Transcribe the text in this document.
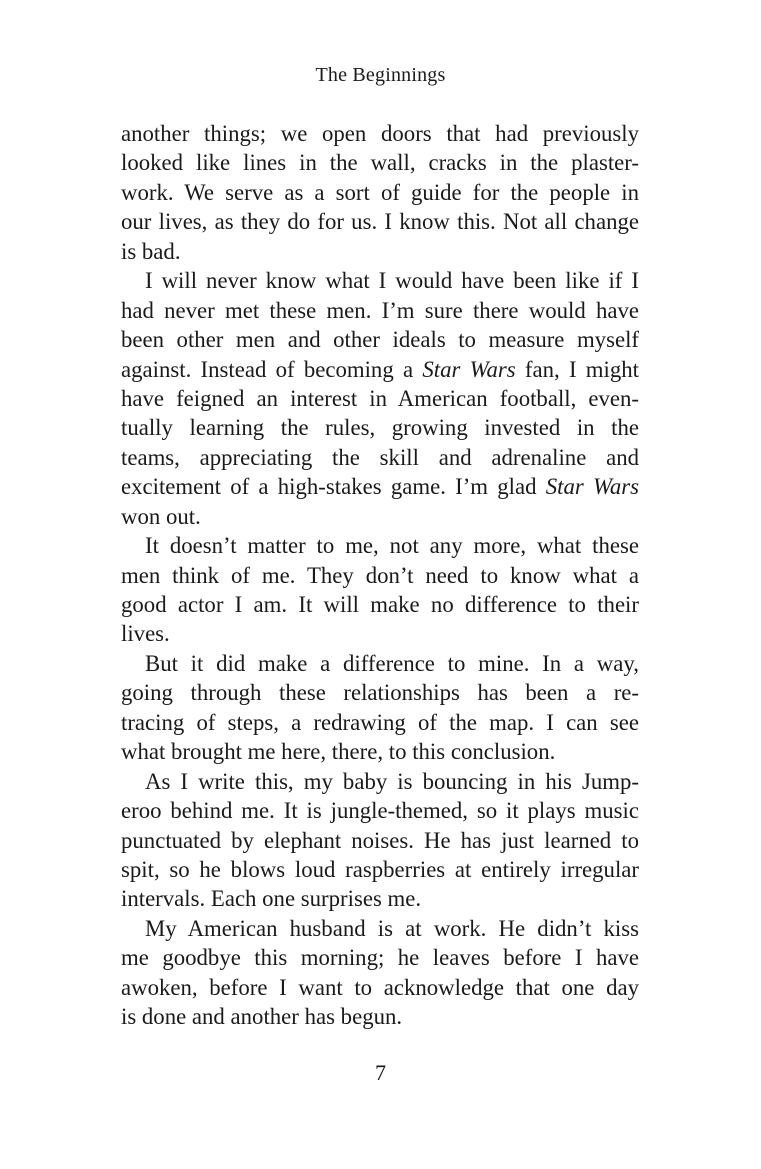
The Beginnings
another things; we open doors that had previously
looked like lines in the wall, cracks in the plaster-
work. We serve as a sort of guide for the people in
our lives, as they do for us. I know this. Not all change
is bad.
I will never know what I would have been like if I
had never met these men. I’m sure there would have
been other men and other ideals to measure myself
against. Instead of becoming a Star Wars fan, I might
have feigned an interest in American football, even-
tually learning the rules, growing invested in the
teams, appreciating the skill and adrenaline and
excitement of a high-stakes game. I’m glad Star Wars
won out.
It doesn’t matter to me, not any more, what these
men think of me. They don’t need to know what a
good actor I am. It will make no difference to their
lives.
But it did make a difference to mine. In a way,
going through these relationships has been a re-
tracing of steps, a redrawing of the map. I can see
what brought me here, there, to this conclusion.
As I write this, my baby is bouncing in his Jump-
eroo behind me. It is jungle-themed, so it plays music
punctuated by elephant noises. He has just learned to
spit, so he blows loud raspberries at entirely irregular
intervals. Each one surprises me.
My American husband is at work. He didn’t kiss
me goodbye this morning; he leaves before I have
awoken, before I want to acknowledge that one day
is done and another has begun.
7
